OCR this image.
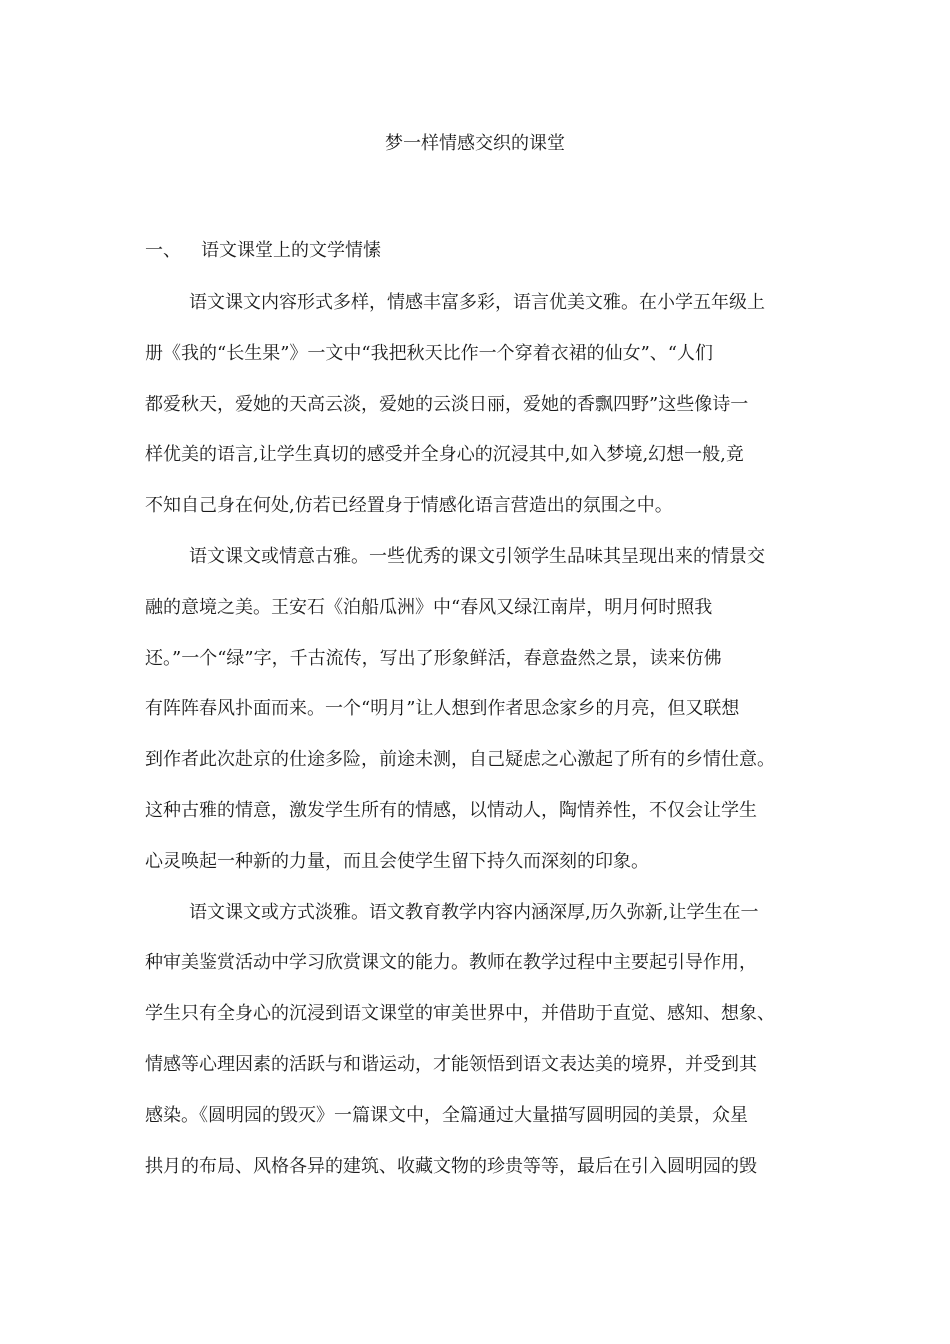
梦一样情感交织的课堂
一、 语文课堂上的文学情愫
语文课文内容形式多样，情感丰富多彩，语言优美文雅。在小学五年级上
册《我的“长生果”》一文中“我把秋天比作一个穿着衣裙的仙女”、“人们
都爱秋天，爱她的天高云淡，爱她的云淡日丽，爱她的香飘四野”这些像诗一
样优美的语言,让学生真切的感受并全身心的沉浸其中,如入梦境,幻想一般,竟
不知自己身在何处,仿若已经置身于情感化语言营造出的氛围之中。
语文课文或情意古雅。一些优秀的课文引领学生品味其呈现出来的情景交
融的意境之美。王安石《泊船瓜洲》中“春风又绿江南岸，明月何时照我
还。”一个“绿”字，千古流传，写出了形象鲜活，春意盎然之景，读来仿佛
有阵阵春风扑面而来。一个“明月”让人想到作者思念家乡的月亮，但又联想
到作者此次赴京的仕途多险，前途未测，自己疑虑之心激起了所有的乡情仕意。
这种古雅的情意，激发学生所有的情感，以情动人，陶情养性，不仅会让学生
心灵唤起一种新的力量，而且会使学生留下持久而深刻的印象。
语文课文或方式淡雅。语文教育教学内容内涵深厚,历久弥新,让学生在一
种审美鉴赏活动中学习欣赏课文的能力。教师在教学过程中主要起引导作用，
学生只有全身心的沉浸到语文课堂的审美世界中，并借助于直觉、感知、想象、
情感等心理因素的活跃与和谐运动，才能领悟到语文表达美的境界，并受到其
感染。《圆明园的毁灭》一篇课文中，全篇通过大量描写圆明园的美景，众星
拱月的布局、风格各异的建筑、收藏文物的珍贵等等，最后在引入圆明园的毁
